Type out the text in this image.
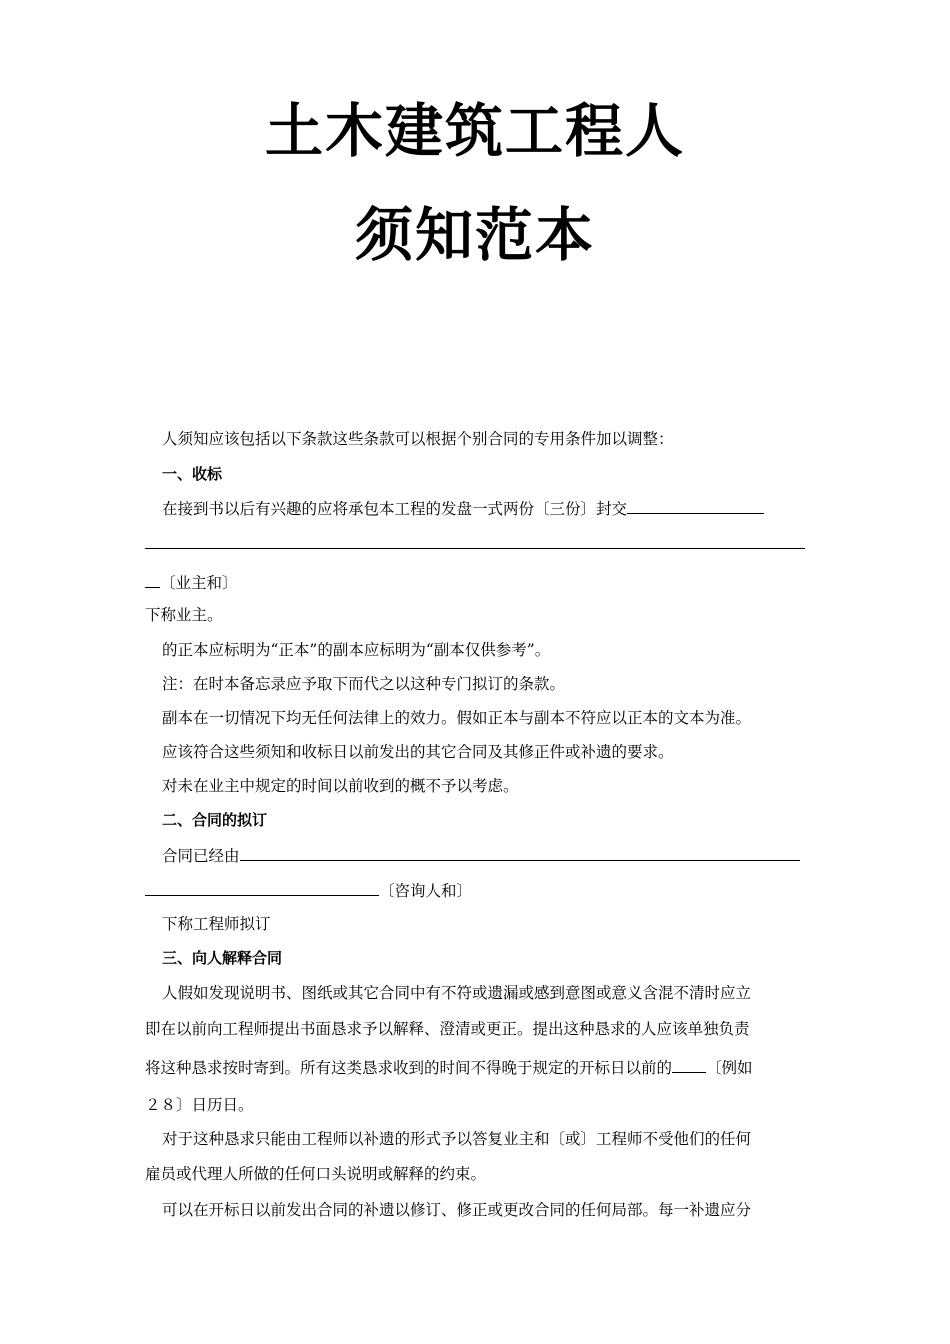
土木建筑工程人
须知范本
人须知应该包括以下条款这些条款可以根据个别合同的专用条件加以调整：
一、收标
在接到书以后有兴趣的应将承包本工程的发盘一式两份〔三份〕封交
〔业主和〕
下称业主。
的正本应标明为“正本”的副本应标明为“副本仅供参考”。
注：在时本备忘录应予取下而代之以这种专门拟订的条款。
副本在一切情况下均无任何法律上的效力。假如正本与副本不符应以正本的文本为准。
应该符合这些须知和收标日以前发出的其它合同及其修正件或补遗的要求。
对未在业主中规定的时间以前收到的概不予以考虑。
二、合同的拟订
合同已经由
〔咨询人和〕
下称工程师拟订
三、向人解释合同
人假如发现说明书、图纸或其它合同中有不符或遗漏或感到意图或意义含混不清时应立
即在以前向工程师提出书面恳求予以解释、澄清或更正。提出这种恳求的人应该单独负责
将这种恳求按时寄到。所有这类恳求收到的时间不得晚于规定的开标日以前的 〔例如
２８〕日历日。
对于这种恳求只能由工程师以补遗的形式予以答复业主和〔或〕工程师不受他们的任何
雇员或代理人所做的任何口头说明或解释的约束。
可以在开标日以前发出合同的补遗以修订、修正或更改合同的任何局部。每一补遗应分
